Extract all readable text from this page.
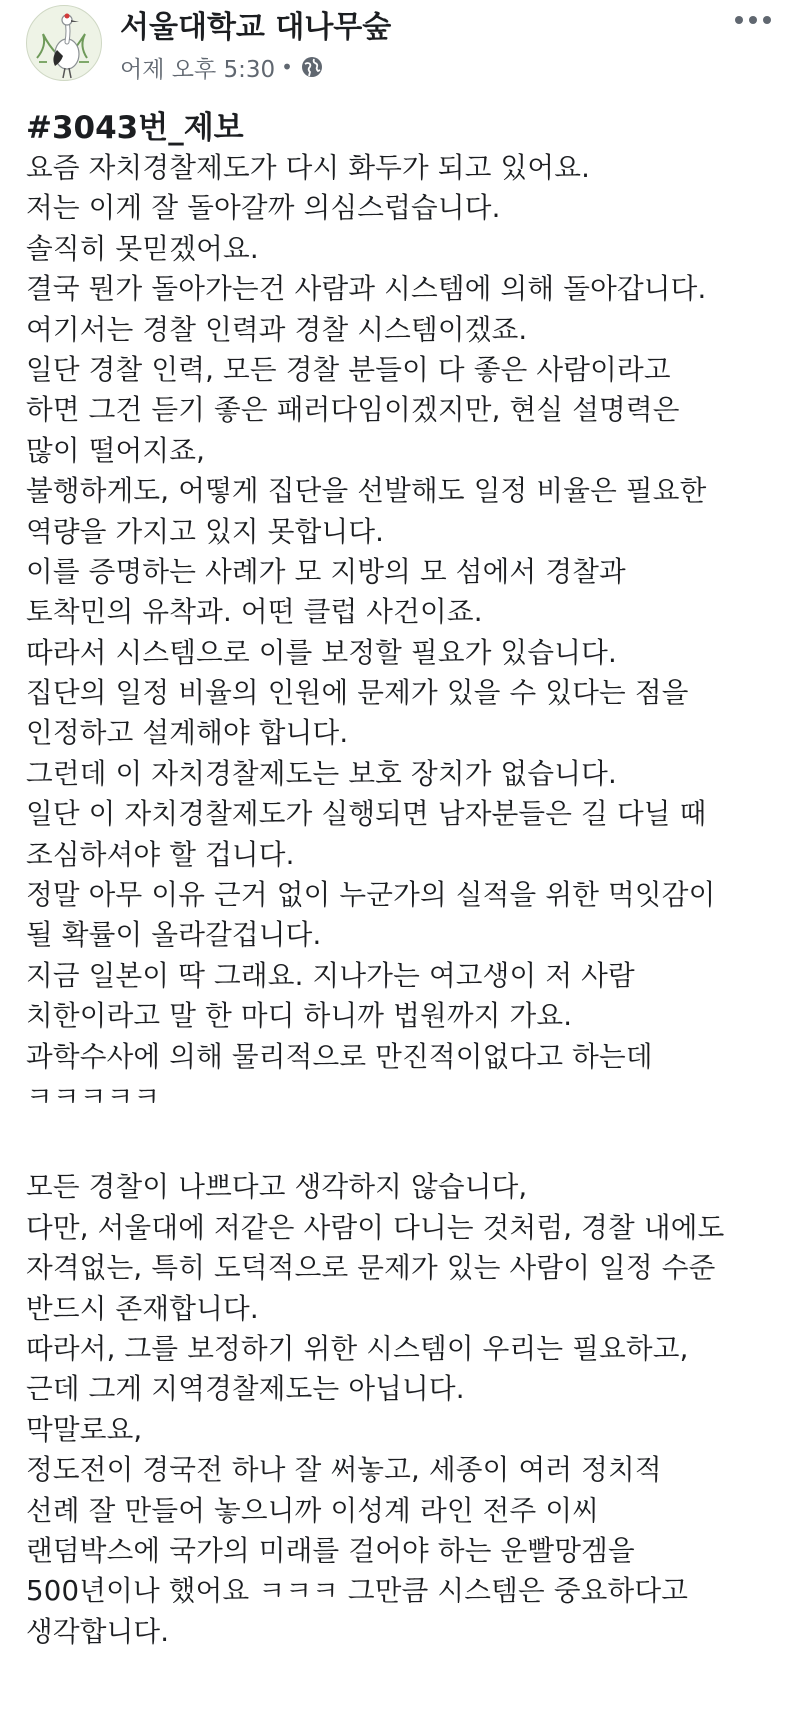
서울대학교 대나무숲
어제 오후 5:30 •
#3043번_제보
요즘 자치경찰제도가 다시 화두가 되고 있어요.
저는 이게 잘 돌아갈까 의심스럽습니다.
솔직히 못믿겠어요.
결국 뭔가 돌아가는건 사람과 시스템에 의해 돌아갑니다.
여기서는 경찰 인력과 경찰 시스템이겠죠.
일단 경찰 인력, 모든 경찰 분들이 다 좋은 사람이라고
하면 그건 듣기 좋은 패러다임이겠지만, 현실 설명력은
많이 떨어지죠,
불행하게도, 어떻게 집단을 선발해도 일정 비율은 필요한
역량을 가지고 있지 못합니다.
이를 증명하는 사례가 모 지방의 모 섬에서 경찰과
토착민의 유착과. 어떤 클럽 사건이죠.
따라서 시스템으로 이를 보정할 필요가 있습니다.
집단의 일정 비율의 인원에 문제가 있을 수 있다는 점을
인정하고 설계해야 합니다.
그런데 이 자치경찰제도는 보호 장치가 없습니다.
일단 이 자치경찰제도가 실행되면 남자분들은 길 다닐 때
조심하셔야 할 겁니다.
정말 아무 이유 근거 없이 누군가의 실적을 위한 먹잇감이
될 확률이 올라갈겁니다.
지금 일본이 딱 그래요. 지나가는 여고생이 저 사람
치한이라고 말 한 마디 하니까 법원까지 가요.
과학수사에 의해 물리적으로 만진적이없다고 하는데
ㅋㅋㅋㅋㅋ
모든 경찰이 나쁘다고 생각하지 않습니다,
다만, 서울대에 저같은 사람이 다니는 것처럼, 경찰 내에도
자격없는, 특히 도덕적으로 문제가 있는 사람이 일정 수준
반드시 존재합니다.
따라서, 그를 보정하기 위한 시스템이 우리는 필요하고,
근데 그게 지역경찰제도는 아닙니다.
막말로요,
정도전이 경국전 하나 잘 써놓고, 세종이 여러 정치적
선례 잘 만들어 놓으니까 이성계 라인 전주 이씨
랜덤박스에 국가의 미래를 걸어야 하는 운빨망겜을
500년이나 했어요 ㅋㅋㅋ 그만큼 시스템은 중요하다고
생각합니다.
